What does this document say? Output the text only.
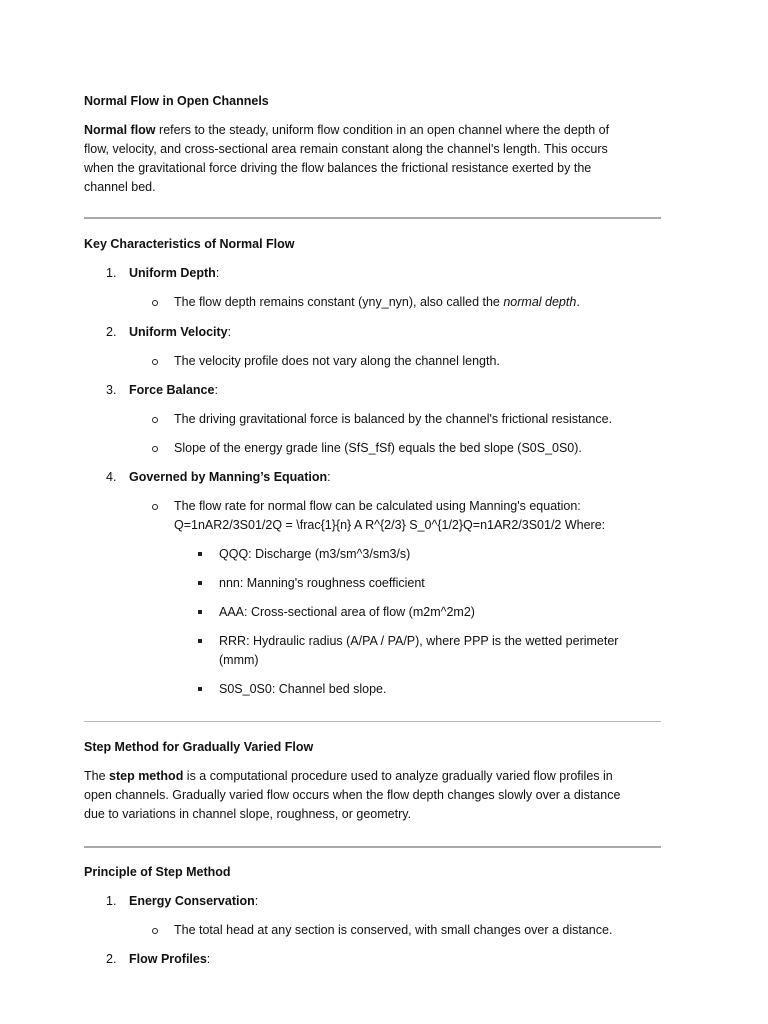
Normal Flow in Open Channels
Normal flow refers to the steady, uniform flow condition in an open channel where the depth of
flow, velocity, and cross-sectional area remain constant along the channel's length. This occurs
when the gravitational force driving the flow balances the frictional resistance exerted by the
channel bed.
Key Characteristics of Normal Flow
1. Uniform Depth:
The flow depth remains constant (yny_nyn), also called the normal depth.
2. Uniform Velocity:
The velocity profile does not vary along the channel length.
3. Force Balance:
The driving gravitational force is balanced by the channel's frictional resistance.
Slope of the energy grade line (SfS_fSf) equals the bed slope (S0S_0S0).
4. Governed by Manning’s Equation:
The flow rate for normal flow can be calculated using Manning's equation:
Q=1nAR2/3S01/2Q = \frac{1}{n} A R^{2/3} S_0^{1/2}Q=n1AR2/3S01/2 Where:
QQQ: Discharge (m3/sm^3/sm3/s)
nnn: Manning's roughness coefficient
AAA: Cross-sectional area of flow (m2m^2m2)
RRR: Hydraulic radius (A/PA / PA/P), where PPP is the wetted perimeter
(mmm)
S0S_0S0: Channel bed slope.
Step Method for Gradually Varied Flow
The step method is a computational procedure used to analyze gradually varied flow profiles in
open channels. Gradually varied flow occurs when the flow depth changes slowly over a distance
due to variations in channel slope, roughness, or geometry.
Principle of Step Method
1. Energy Conservation:
The total head at any section is conserved, with small changes over a distance.
2. Flow Profiles:
